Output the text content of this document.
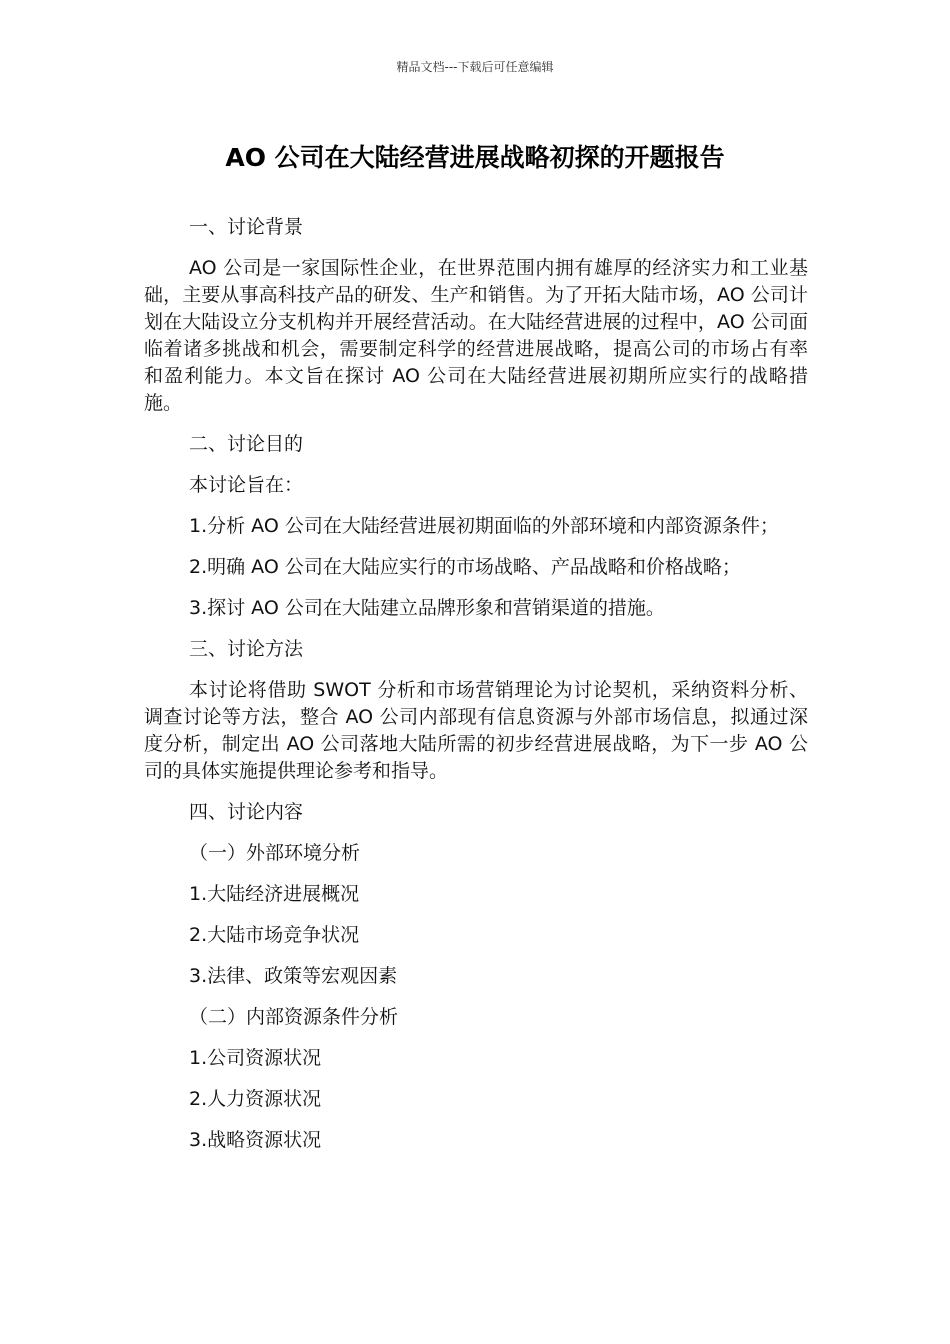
精品文档---下载后可任意编辑
AO 公司在大陆经营进展战略初探的开题报告

一、讨论背景

AO 公司是一家国际性企业，在世界范围内拥有雄厚的经济实力和工业基础，主要从事高科技产品的研发、生产和销售。为了开拓大陆市场，AO 公司计划在大陆设立分支机构并开展经营活动。在大陆经营进展的过程中，AO 公司面临着诸多挑战和机会，需要制定科学的经营进展战略，提高公司的市场占有率和盈利能力。本文旨在探讨 AO 公司在大陆经营进展初期所应实行的战略措施。

二、讨论目的

本讨论旨在：

1.分析 AO 公司在大陆经营进展初期面临的外部环境和内部资源条件；

2.明确 AO 公司在大陆应实行的市场战略、产品战略和价格战略；

3.探讨 AO 公司在大陆建立品牌形象和营销渠道的措施。

三、讨论方法

本讨论将借助 SWOT 分析和市场营销理论为讨论契机，采纳资料分析、调查讨论等方法，整合 AO 公司内部现有信息资源与外部市场信息，拟通过深度分析，制定出 AO 公司落地大陆所需的初步经营进展战略，为下一步 AO 公司的具体实施提供理论参考和指导。

四、讨论内容

（一）外部环境分析

1.大陆经济进展概况

2.大陆市场竞争状况

3.法律、政策等宏观因素

（二）内部资源条件分析

1.公司资源状况

2.人力资源状况

3.战略资源状况
